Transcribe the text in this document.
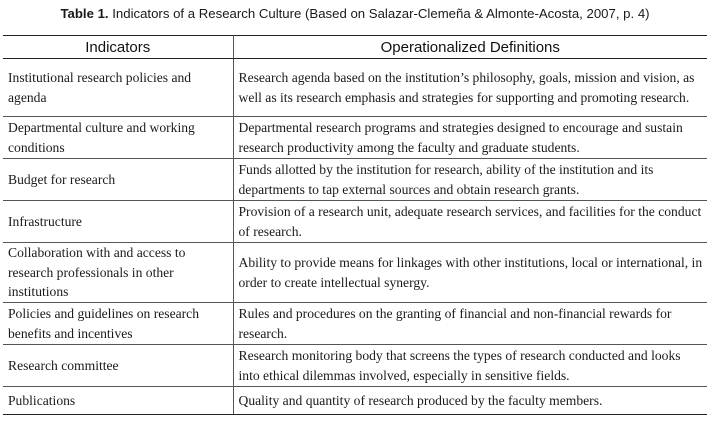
Table 1. Indicators of a Research Culture (Based on Salazar-Clemeña & Almonte-Acosta, 2007, p. 4)
Indicators	Operationalized Definitions
Institutional research policies and agenda	Research agenda based on the institution’s philosophy, goals, mission and vision, as well as its research emphasis and strategies for supporting and promoting research.
Departmental culture and working conditions	Departmental research programs and strategies designed to encourage and sustain research productivity among the faculty and graduate students.
Budget for research	Funds allotted by the institution for research, ability of the institution and its departments to tap external sources and obtain research grants.
Infrastructure	Provision of a research unit, adequate research services, and facilities for the conduct of research.
Collaboration with and access to research professionals in other institutions	Ability to provide means for linkages with other institutions, local or international, in order to create intellectual synergy.
Policies and guidelines on research benefits and incentives	Rules and procedures on the granting of financial and non-financial rewards for research.
Research committee	Research monitoring body that screens the types of research conducted and looks into ethical dilemmas involved, especially in sensitive fields.
Publications	Quality and quantity of research produced by the faculty members.
